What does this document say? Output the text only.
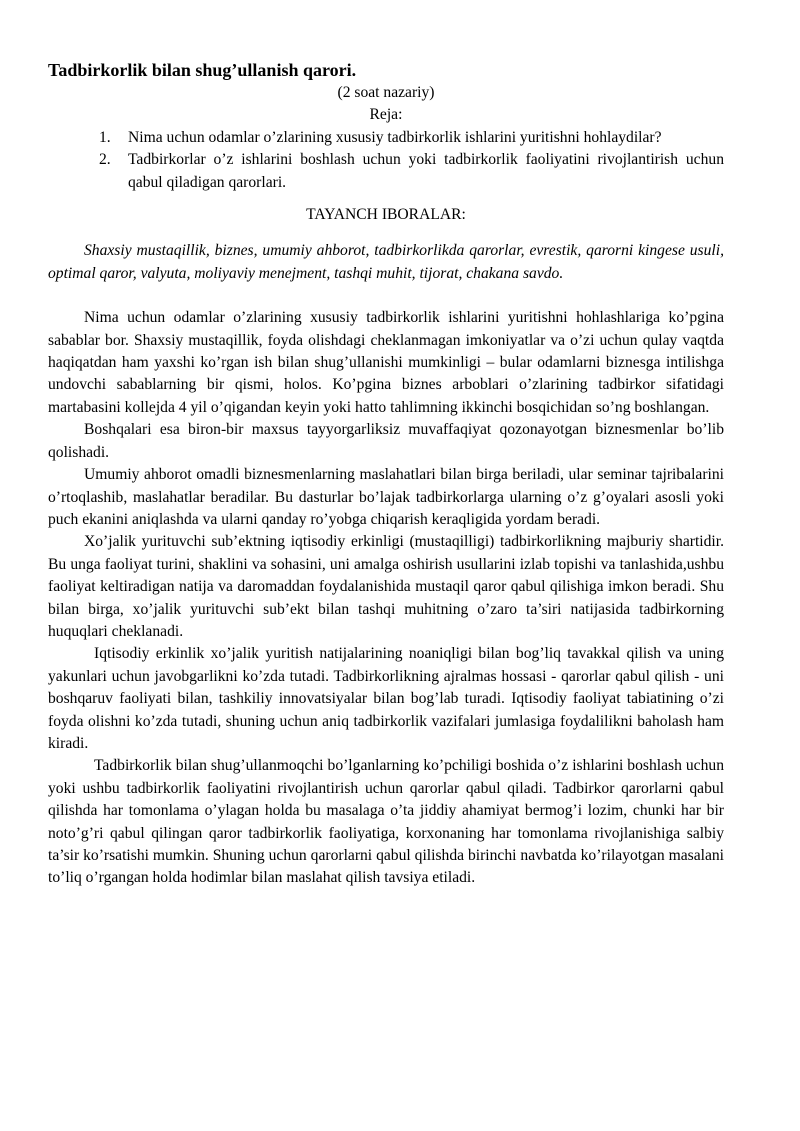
Tadbirkorlik bilan shug’ullanish qarori.

(2 soat nazariy)

Reja:

1. Nima uchun odamlar o’zlarining xususiy tadbirkorlik ishlarini yuritishni hohlaydilar?
2. Tadbirkorlar o’z ishlarini boshlash uchun yoki tadbirkorlik faoliyatini rivojlantirish uchun qabul qiladigan qarorlari.

TAYANCH IBORALAR:

Shaxsiy mustaqillik, biznes, umumiy ahborot, tadbirkorlikda qarorlar, evrestik, qarorni kingese usuli, optimal qaror, valyuta, moliyaviy menejment, tashqi muhit, tijorat, chakana savdo.

Nima uchun odamlar o’zlarining xususiy tadbirkorlik ishlarini yuritishni hohlashlariga ko’pgina sabablar bor. Shaxsiy mustaqillik, foyda olishdagi cheklanmagan imkoniyatlar va o’zi uchun qulay vaqtda haqiqatdan ham yaxshi ko’rgan ish bilan shug’ullanishi mumkinligi – bular odamlarni biznesga intilishga undovchi sabablarning bir qismi, holos. Ko’pgina biznes arboblari o’zlarining tadbirkor sifatidagi martabasini kollejda 4 yil o’qigandan keyin yoki hatto tahlimning ikkinchi bosqichidan so’ng boshlangan.

Boshqalari esa biron-bir maxsus tayyorgarliksiz muvaffaqiyat qozonayotgan biznesmenlar bo’lib qolishadi.

Umumiy ahborot omadli biznesmenlarning maslahatlari bilan birga beriladi, ular seminar tajribalarini o’rtoqlashib, maslahatlar beradilar. Bu dasturlar bo’lajak tadbirkorlarga ularning o’z g’oyalari asosli yoki puch ekanini aniqlashda va ularni qanday ro’yobga chiqarish keraqligida yordam beradi.

Xo’jalik yurituvchi sub’ektning iqtisodiy erkinligi (mustaqilligi) tadbirkorlikning majburiy shartidir. Bu unga faoliyat turini, shaklini va sohasini, uni amalga oshirish usullarini izlab topishi va tanlashida,ushbu faoliyat keltiradigan natija va daromaddan foydalanishida mustaqil qaror qabul qilishiga imkon beradi. Shu bilan birga, xo’jalik yurituvchi sub’ekt bilan tashqi muhitning o’zaro ta’siri natijasida tadbirkorning huquqlari cheklanadi.

Iqtisodiy erkinlik xo’jalik yuritish natijalarining noaniqligi bilan bog’liq tavakkal qilish va uning yakunlari uchun javobgarlikni ko’zda tutadi. Tadbirkorlikning ajralmas hossasi - qarorlar qabul qilish - uni boshqaruv faoliyati bilan, tashkiliy innovatsiyalar bilan bog’lab turadi. Iqtisodiy faoliyat tabiatining o’zi foyda olishni ko’zda tutadi, shuning uchun aniq tadbirkorlik vazifalari jumlasiga foydalilikni baholash ham kiradi.

Tadbirkorlik bilan shug’ullanmoqchi bo’lganlarning ko’pchiligi boshida o’z ishlarini boshlash uchun yoki ushbu tadbirkorlik faoliyatini rivojlantirish uchun qarorlar qabul qiladi. Tadbirkor qarorlarni qabul qilishda har tomonlama o’ylagan holda bu masalaga o’ta jiddiy ahamiyat bermog’i lozim, chunki har bir noto’g’ri qabul qilingan qaror tadbirkorlik faoliyatiga, korxonaning har tomonlama rivojlanishiga salbiy ta’sir ko’rsatishi mumkin. Shuning uchun qarorlarni qabul qilishda birinchi navbatda ko’rilayotgan masalani to’liq o’rgangan holda hodimlar bilan maslahat qilish tavsiya etiladi.
